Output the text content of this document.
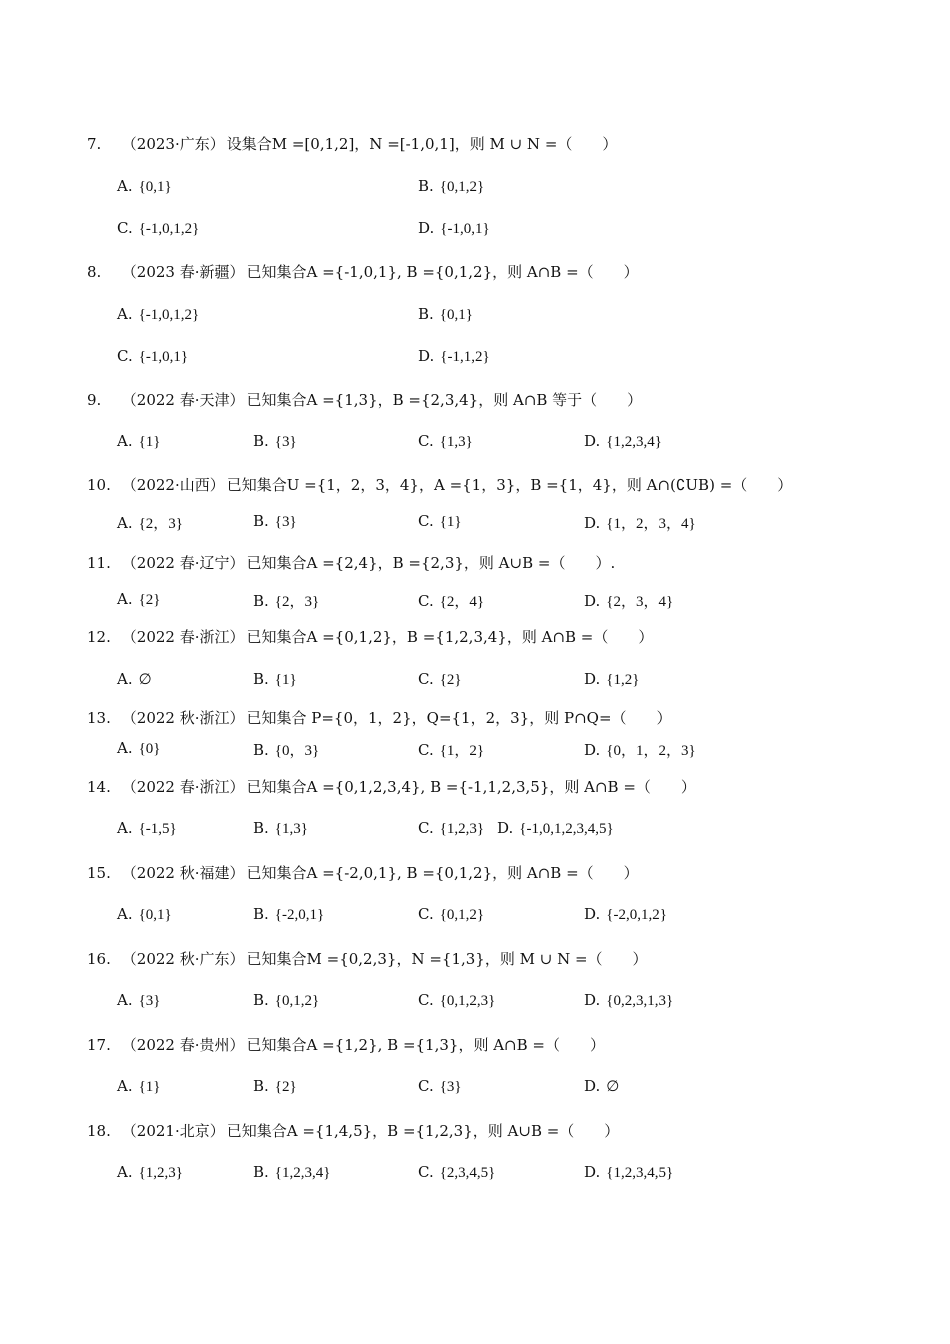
7. （2023·广东） 设集合M =[0,1,2]，N =[-1,0,1]，则 M ∪ N =（　　）
A. {0,1}	B. {0,1,2}
C. {-1,0,1,2}	D. {-1,0,1}
8. （2023 春·新疆） 已知集合A ={-1,0,1}, B ={0,1,2}，则 A∩B =（　　）
A. {-1,0,1,2}	B. {0,1}
C. {-1,0,1}	D. {-1,1,2}
9. （2022 春·天津） 已知集合A ={1,3}，B ={2,3,4}，则 A∩B 等于（　　）
A. {1}	B. {3}	C. {1,3}	D. {1,2,3,4}
10. （2022·山西） 已知集合U ={1，2，3，4}，A ={1，3}，B ={1，4}，则 A∩(∁UB) =（　　）
A. {2，3}	B. {3}	C. {1}	D. {1，2，3，4}
11. （2022 春·辽宁） 已知集合A ={2,4}，B ={2,3}，则 A∪B =（　　）.
A. {2}	B. {2，3}	C. {2，4}	D. {2，3，4}
12. （2022 春·浙江） 已知集合A ={0,1,2}，B ={1,2,3,4}，则 A∩B =（　　）
A. ∅	B. {1}	C. {2}	D. {1,2}
13. （2022 秋·浙江） 已知集合 P={0，1，2}，Q={1，2，3}，则 P∩Q=（　　）
A. {0}	B. {0，3}	C. {1，2}	D. {0，1，2，3}
14. （2022 春·浙江） 已知集合A ={0,1,2,3,4}, B ={-1,1,2,3,5}，则 A∩B =（　　）
A. {-1,5}	B. {1,3}	C. {1,2,3} D. {-1,0,1,2,3,4,5}
15. （2022 秋·福建） 已知集合A ={-2,0,1}, B ={0,1,2}，则 A∩B =（　　）
A. {0,1}	B. {-2,0,1}	C. {0,1,2}	D. {-2,0,1,2}
16. （2022 秋·广东） 已知集合M ={0,2,3}，N ={1,3}，则 M ∪ N =（　　）
A. {3}	B. {0,1,2}	C. {0,1,2,3}	D. {0,2,3,1,3}
17. （2022 春·贵州） 已知集合A ={1,2}, B ={1,3}，则 A∩B =（　　）
A. {1}	B. {2}	C. {3}	D. ∅
18. （2021·北京） 已知集合A ={1,4,5}，B ={1,2,3}，则 A∪B =（　　）
A. {1,2,3}	B. {1,2,3,4}	C. {2,3,4,5}	D. {1,2,3,4,5}
